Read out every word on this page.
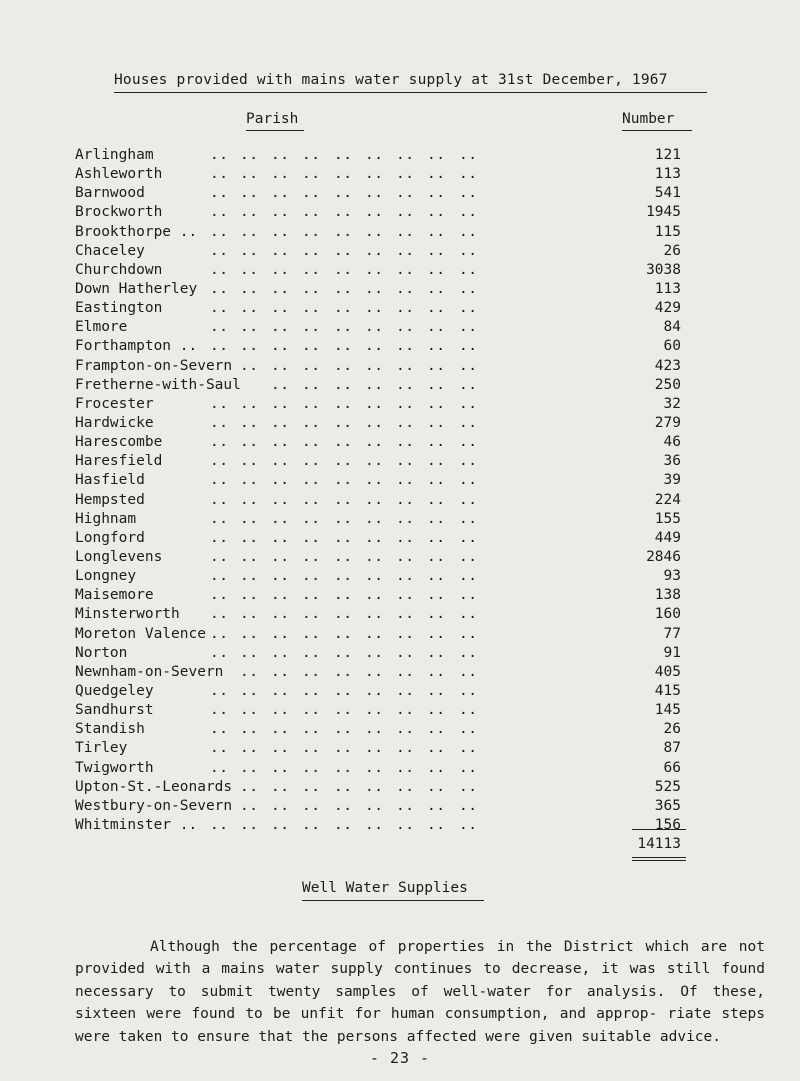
Houses provided with mains water supply at 31st December, 1967
Parish	Number
Arlingham	.. .. .. .. .. .. .. .. ..	121
Ashleworth	.. .. .. .. .. .. .. .. ..	113
Barnwood	.. .. .. .. .. .. .. .. ..	541
Brockworth	.. .. .. .. .. .. .. .. ..	1945
Brookthorpe .. .. .. .. .. .. .. .. .. ..	115
Chaceley	.. .. .. .. .. .. .. .. ..	26
Churchdown	.. .. .. .. .. .. .. .. ..	3038
Down Hatherley .. .. .. .. .. .. .. .. ..	113
Eastington	.. .. .. .. .. .. .. .. ..	429
Elmore	.. .. .. .. .. .. .. .. ..	84
Forthampton .. .. .. .. .. .. .. .. .. ..	60
Frampton-on-Severn .. .. .. .. .. .. .. ..	423
Fretherne-with-Saul .. .. .. .. .. .. ..	250
Frocester	.. .. .. .. .. .. .. .. ..	32
Hardwicke	.. .. .. .. .. .. .. .. ..	279
Harescombe	.. .. .. .. .. .. .. .. ..	46
Haresfield	.. .. .. .. .. .. .. .. ..	36
Hasfield	.. .. .. .. .. .. .. .. ..	39
Hempsted	.. .. .. .. .. .. .. .. ..	224
Highnam	.. .. .. .. .. .. .. .. ..	155
Longford	.. .. .. .. .. .. .. .. ..	449
Longlevens	.. .. .. .. .. .. .. .. ..	2846
Longney	.. .. .. .. .. .. .. .. ..	93
Maisemore	.. .. .. .. .. .. .. .. ..	138
Minsterworth .. .. .. .. .. .. .. .. ..	160
Moreton Valence .. .. .. .. .. .. .. .. ..	77
Norton	.. .. .. .. .. .. .. .. ..	91
Newnham-on-Severn .. .. .. .. .. .. .. ..	405
Quedgeley	.. .. .. .. .. .. .. .. ..	415
Sandhurst	.. .. .. .. .. .. .. .. ..	145
Standish	.. .. .. .. .. .. .. .. ..	26
Tirley	.. .. .. .. .. .. .. .. ..	87
Twigworth	.. .. .. .. .. .. .. .. ..	66
Upton-St.-Leonards .. .. .. .. .. .. .. ..	525
Westbury-on-Severn .. .. .. .. .. .. .. ..	365
Whitminster .. .. .. .. .. .. .. .. .. ..	156
14113
Well Water Supplies
Although the percentage of properties in the District which are not provided with a mains water supply continues to decrease, it was still found necessary to submit twenty samples of well-water for analysis. Of these, sixteen were found to be unfit for human consumption, and approp- riate steps were taken to ensure that the persons affected were given suitable advice.
- 23 -
